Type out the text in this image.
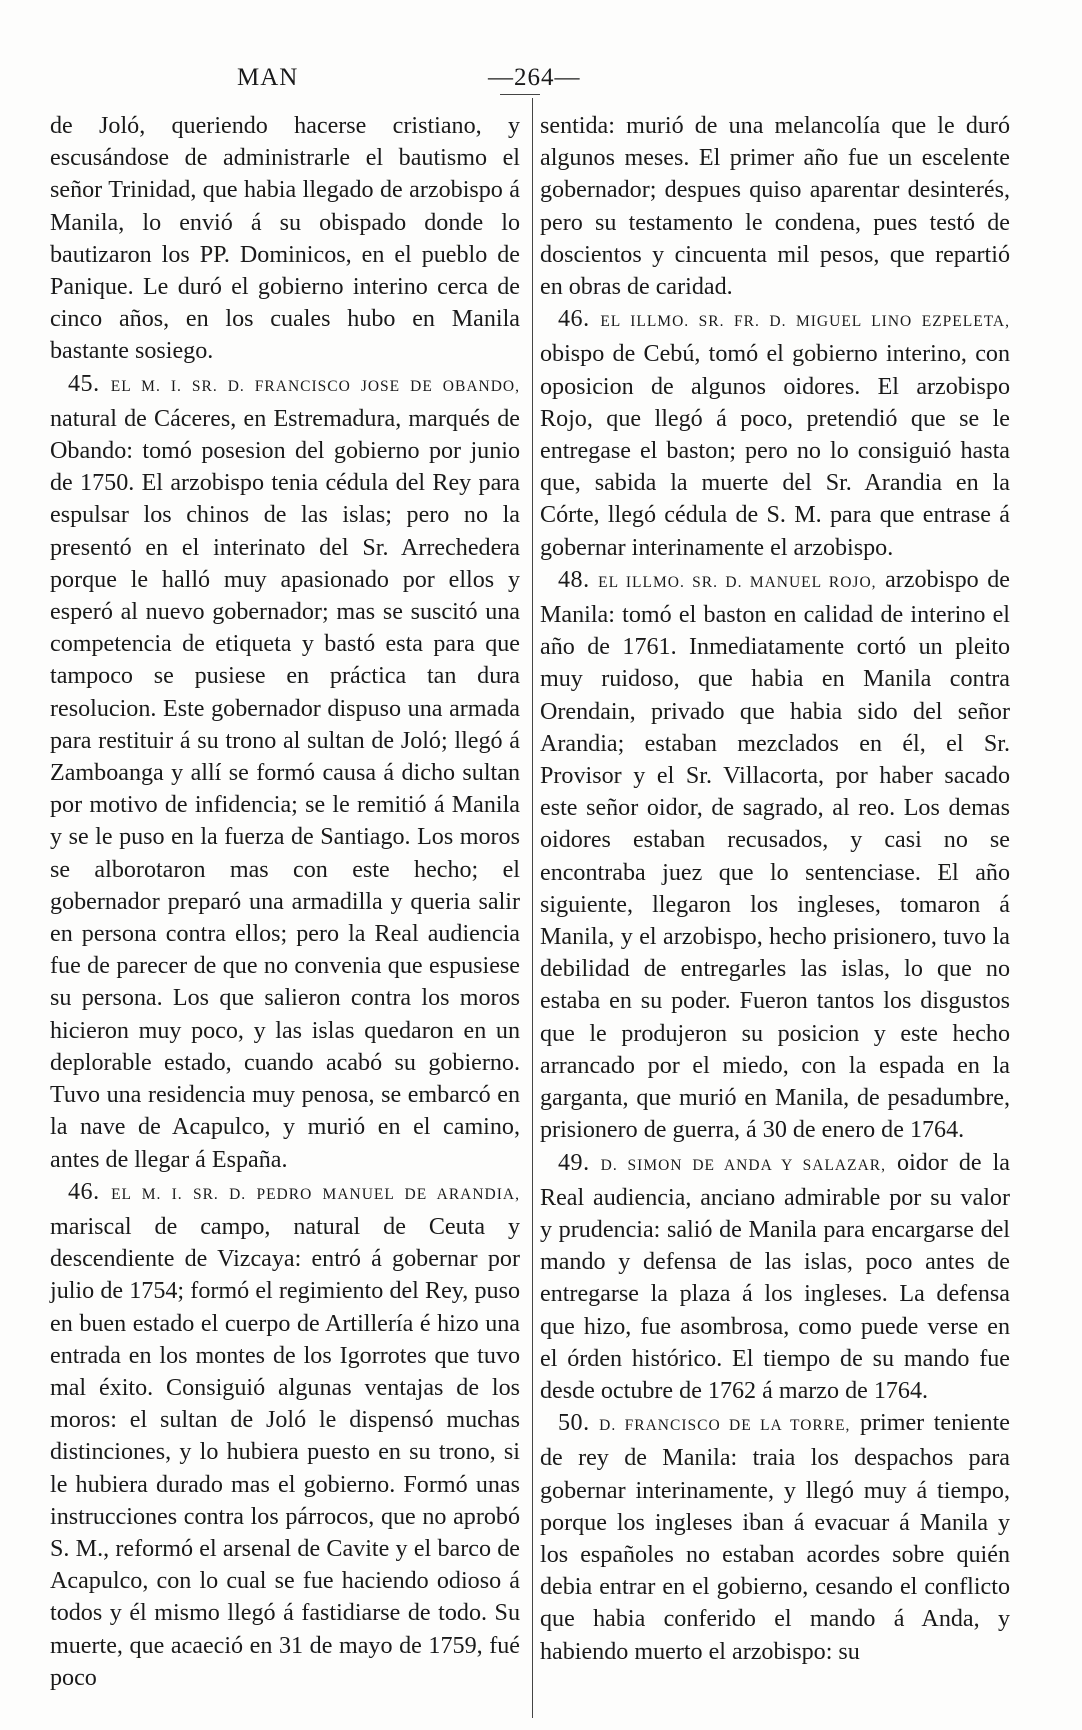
MAN	—264—

de Joló, queriendo hacerse cristiano, y escusándose de administrarle el bautismo el señor Trinidad, que habia llegado de arzobispo á Manila, lo envió á su obispado donde lo bautizaron los PP. Dominicos, en el pueblo de Panique. Le duró el gobierno interino cerca de cinco años, en los cuales hubo en Manila bastante sosiego.

45. EL M. I. SR. D. FRANCISCO JOSE DE OBANDO, natural de Cáceres, en Estremadura, marqués de Obando: tomó posesion del gobierno por junio de 1750. El arzobispo tenia cédula del Rey para espulsar los chinos de las islas; pero no la presentó en el interinato del Sr. Arrechedera porque le halló muy apasionado por ellos y esperó al nuevo gobernador; mas se suscitó una competencia de etiqueta y bastó esta para que tampoco se pusiese en práctica tan dura resolucion. Este gobernador dispuso una armada para restituir á su trono al sultan de Joló; llegó á Zamboanga y allí se formó causa á dicho sultan por motivo de infidencia; se le remitió á Manila y se le puso en la fuerza de Santiago. Los moros se alborotaron mas con este hecho; el gobernador preparó una armadilla y queria salir en persona contra ellos; pero la Real audiencia fue de parecer de que no convenia que espusiese su persona. Los que salieron contra los moros hicieron muy poco, y las islas quedaron en un deplorable estado, cuando acabó su gobierno. Tuvo una residencia muy penosa, se embarcó en la nave de Acapulco, y murió en el camino, antes de llegar á España.

46. EL M. I. SR. D. PEDRO MANUEL DE ARANDIA, mariscal de campo, natural de Ceuta y descendiente de Vizcaya: entró á gobernar por julio de 1754; formó el regimiento del Rey, puso en buen estado el cuerpo de Artillería é hizo una entrada en los montes de los Igorrotes que tuvo mal éxito. Consiguió algunas ventajas de los moros: el sultan de Joló le dispensó muchas distinciones, y lo hubiera puesto en su trono, si le hubiera durado mas el gobierno. Formó unas instrucciones contra los párrocos, que no aprobó S. M., reformó el arsenal de Cavite y el barco de Acapulco, con lo cual se fue haciendo odioso á todos y él mismo llegó á fastidiarse de todo. Su muerte, que acaeció en 31 de mayo de 1759, fué poco

sentida: murió de una melancolía que le duró algunos meses. El primer año fue un escelente gobernador; despues quiso aparentar desinterés, pero su testamento le condena, pues testó de doscientos y cincuenta mil pesos, que repartió en obras de caridad.

46. EL ILLMO. SR. FR. D. MIGUEL LINO EZPELETA, obispo de Cebú, tomó el gobierno interino, con oposicion de algunos oidores. El arzobispo Rojo, que llegó á poco, pretendió que se le entregase el baston; pero no lo consiguió hasta que, sabida la muerte del Sr. Arandia en la Córte, llegó cédula de S. M. para que entrase á gobernar interinamente el arzobispo.

48. EL ILLMO. SR. D. MANUEL ROJO, arzobispo de Manila: tomó el baston en calidad de interino el año de 1761. Inmediatamente cortó un pleito muy ruidoso, que habia en Manila contra Orendain, privado que habia sido del señor Arandia; estaban mezclados en él, el Sr. Provisor y el Sr. Villacorta, por haber sacado este señor oidor, de sagrado, al reo. Los demas oidores estaban recusados, y casi no se encontraba juez que lo sentenciase. El año siguiente, llegaron los ingleses, tomaron á Manila, y el arzobispo, hecho prisionero, tuvo la debilidad de entregarles las islas, lo que no estaba en su poder. Fueron tantos los disgustos que le produjeron su posicion y este hecho arrancado por el miedo, con la espada en la garganta, que murió en Manila, de pesadumbre, prisionero de guerra, á 30 de enero de 1764.

49. D. SIMON DE ANDA Y SALAZAR, oidor de la Real audiencia, anciano admirable por su valor y prudencia: salió de Manila para encargarse del mando y defensa de las islas, poco antes de entregarse la plaza á los ingleses. La defensa que hizo, fue asombrosa, como puede verse en el órden histórico. El tiempo de su mando fue desde octubre de 1762 á marzo de 1764.

50. D. FRANCISCO DE LA TORRE, primer teniente de rey de Manila: traia los despachos para gobernar interinamente, y llegó muy á tiempo, porque los ingleses iban á evacuar á Manila y los españoles no estaban acordes sobre quién debia entrar en el gobierno, cesando el conflicto que habia conferido el mando á Anda, y habiendo muerto el arzobispo: su
